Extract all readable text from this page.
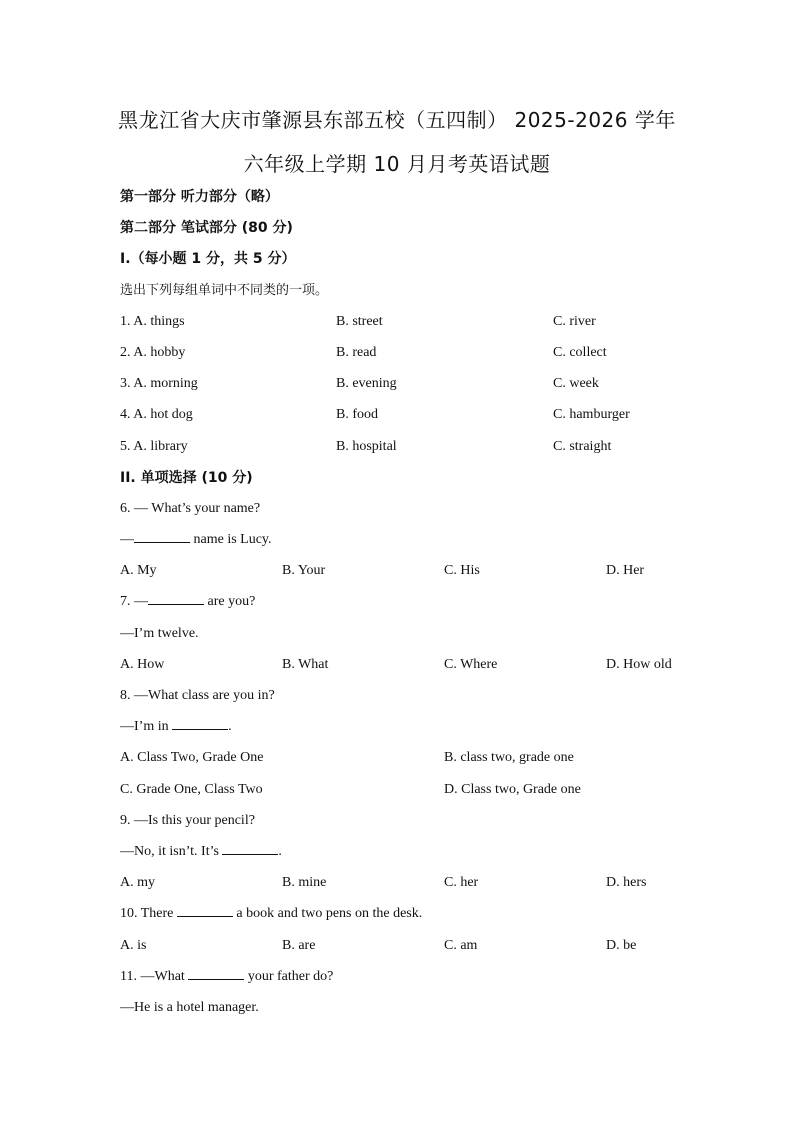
黑龙江省大庆市肇源县东部五校（五四制） 2025-2026 学年
六年级上学期 10 月月考英语试题
第一部分 听力部分（略）
第二部分 笔试部分 (80 分)
I.（每小题 1 分，共 5 分）
选出下列每组单词中不同类的一项。
1. A. things	B. street	C. river
2. A. hobby	B. read	C. collect
3. A. morning	B. evening	C. week
4. A. hot dog	B. food	C. hamburger
5. A. library	B. hospital	C. straight
II. 单项选择 (10 分)
6. — What’s your name?
—	name is Lucy.
A. My	B. Your	C. His	D. Her
7. —	are you?
—I’m twelve.
A. How	B. What	C. Where	D. How old
8. —What class are you in?
—I’m in	.
A. Class Two, Grade One	B. class two, grade one
C. Grade One, Class Two	D. Class two, Grade one
9. —Is this your pencil?
—No, it isn’t. It’s	.
A. my	B. mine	C. her	D. hers
10. There	a book and two pens on the desk.
A. is	B. are	C. am	D. be
11. —What	your father do?
—He is a hotel manager.
